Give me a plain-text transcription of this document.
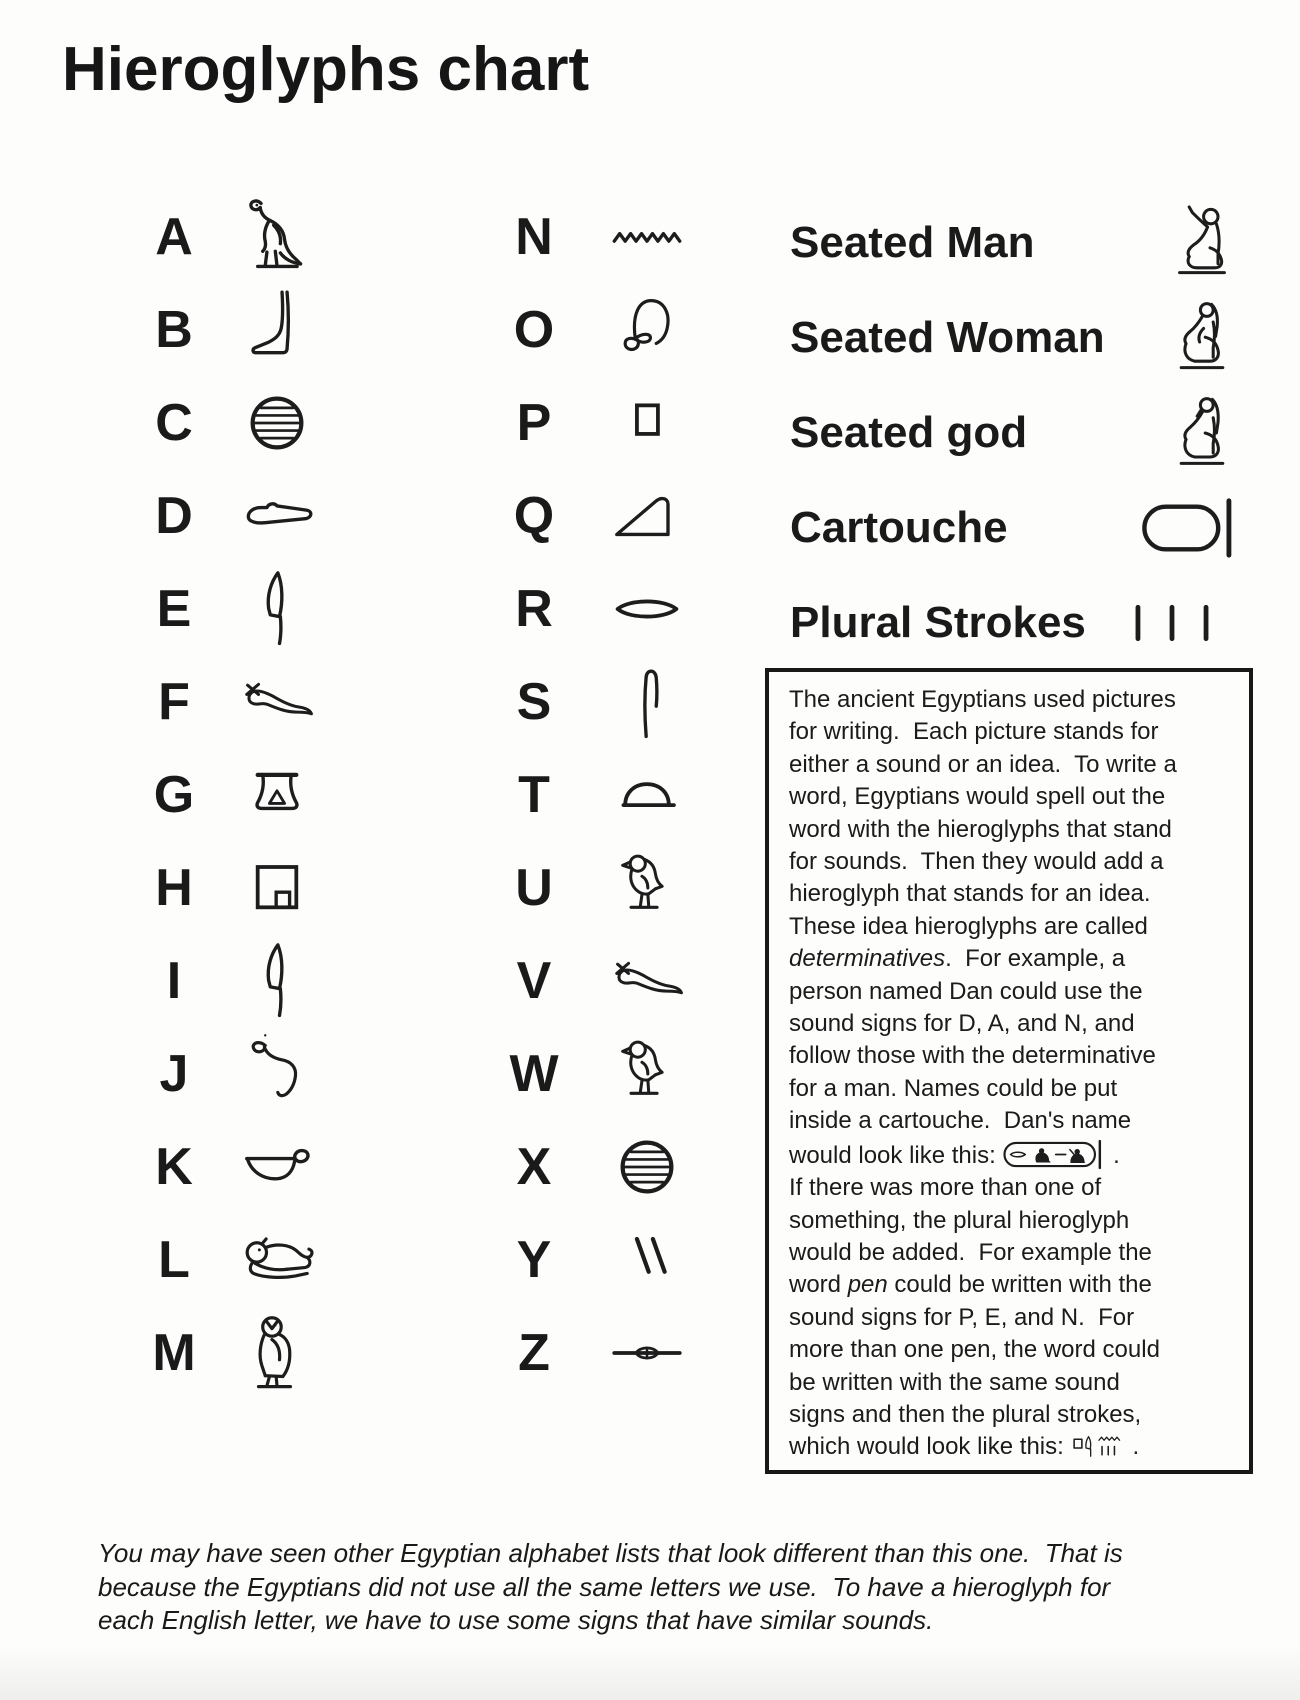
Hieroglyphs chart
A
B
C
D
E
F
G
H
I
J
K
L
M
N
O
P
Q
R
S
T
U
V
W
X
Y
Z
Seated Man
Seated Woman
Seated god
Cartouche
Plural Strokes
The ancient Egyptians used pictures
for writing.  Each picture stands for
either a sound or an idea.  To write a
word, Egyptians would spell out the
word with the hieroglyphs that stand
for sounds.  Then they would add a
hieroglyph that stands for an idea.
These idea hieroglyphs are called
determinatives.  For example, a
person named Dan could use the
sound signs for D, A, and N, and
follow those with the determinative
for a man. Names could be put
inside a cartouche.  Dan's name
would look like this:	.
If there was more than one of
something, the plural hieroglyph
would be added.  For example the
word pen could be written with the
sound signs for P, E, and N.  For
more than one pen, the word could
be written with the same sound
signs and then the plural strokes,
which would look like this:	.
You may have seen other Egyptian alphabet lists that look different than this one.  That is
because the Egyptians did not use all the same letters we use.  To have a hieroglyph for
each English letter, we have to use some signs that have similar sounds.
